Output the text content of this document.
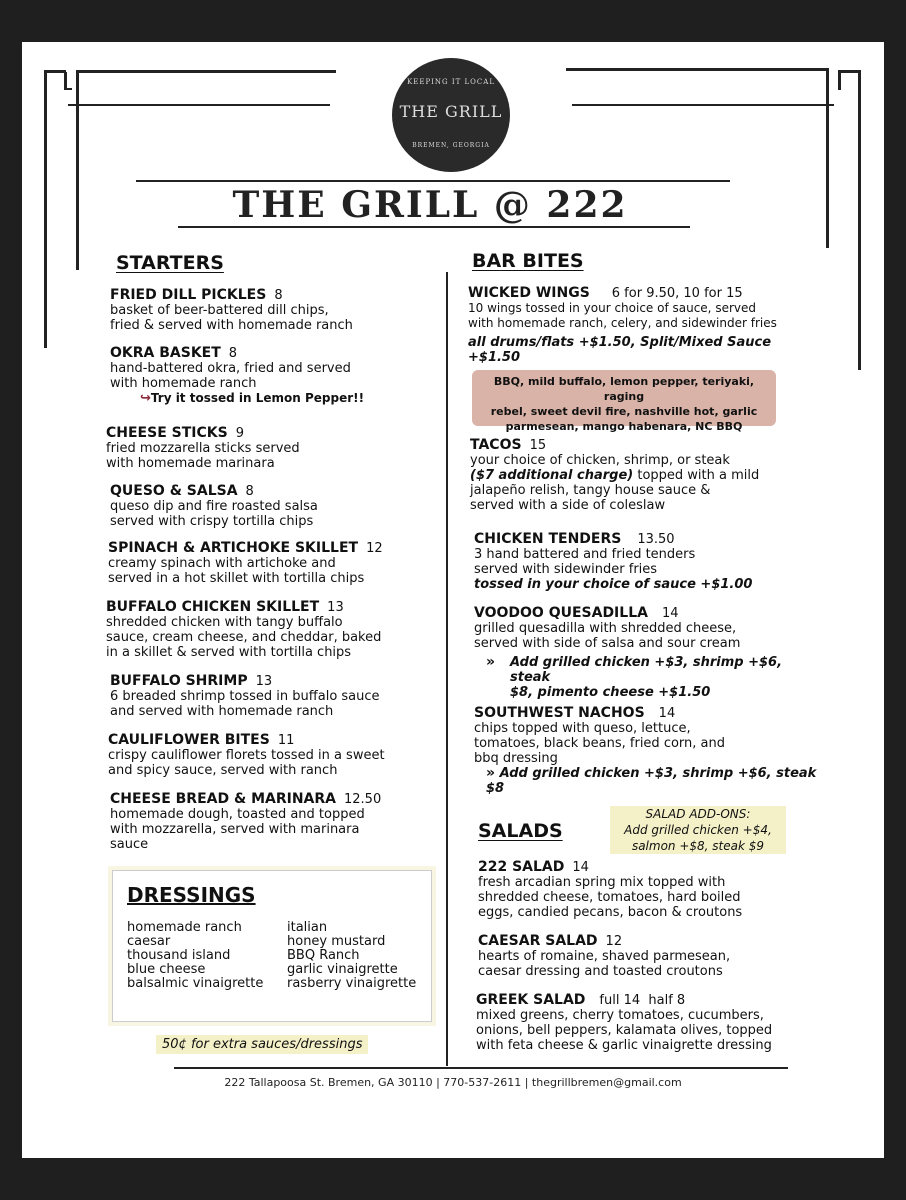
KEEPING IT LOCAL
THE GRILL
BREMEN, GEORGIA
THE GRILL @ 222
STARTERS
FRIED DILL PICKLES 8
basket of beer-battered dill chips,
fried & served with homemade ranch
OKRA BASKET 8
hand-battered okra, fried and served
with homemade ranch
↪Try it tossed in Lemon Pepper!!
CHEESE STICKS 9
fried mozzarella sticks served
with homemade marinara
QUESO & SALSA 8
queso dip and fire roasted salsa
served with crispy tortilla chips
SPINACH & ARTICHOKE SKILLET 12
creamy spinach with artichoke and
served in a hot skillet with tortilla chips
BUFFALO CHICKEN SKILLET 13
shredded chicken with tangy buffalo
sauce, cream cheese, and cheddar, baked
in a skillet & served with tortilla chips
BUFFALO SHRIMP 13
6 breaded shrimp tossed in buffalo sauce
and served with homemade ranch
CAULIFLOWER BITES 11
crispy cauliflower florets tossed in a sweet
and spicy sauce, served with ranch
CHEESE BREAD & MARINARA 12.50
homemade dough, toasted and topped
with mozzarella, served with marinara
sauce
DRESSINGS
homemade ranch
caesar
thousand island
blue cheese
balsalmic vinaigrette
italian
honey mustard
BBQ Ranch
garlic vinaigrette
rasberry vinaigrette
50¢ for extra sauces/dressings
BAR BITES
WICKED WINGS 6 for 9.50, 10 for 15
10 wings tossed in your choice of sauce, served
with homemade ranch, celery, and sidewinder fries
all drums/flats +$1.50, Split/Mixed Sauce +$1.50
BBQ, mild buffalo, lemon pepper, teriyaki, raging
rebel, sweet devil fire, nashville hot, garlic
parmesean, mango habenara, NC BBQ
TACOS 15
your choice of chicken, shrimp, or steak
($7 additional charge) topped with a mild
jalapeño relish, tangy house sauce &
served with a side of coleslaw
CHICKEN TENDERS 13.50
3 hand battered and fried tenders
served with sidewinder fries
tossed in your choice of sauce +$1.00
VOODOO QUESADILLA 14
grilled quesadilla with shredded cheese,
served with side of salsa and sour cream
» Add grilled chicken +$3, shrimp +$6, steak
$8, pimento cheese +$1.50
SOUTHWEST NACHOS 14
chips topped with queso, lettuce,
tomatoes, black beans, fried corn, and
bbq dressing
» Add grilled chicken +$3, shrimp +$6, steak $8
SALADS
SALAD ADD-ONS:
Add grilled chicken +$4,
salmon +$8, steak $9
222 SALAD 14
fresh arcadian spring mix topped with
shredded cheese, tomatoes, hard boiled
eggs, candied pecans, bacon & croutons
CAESAR SALAD 12
hearts of romaine, shaved parmesean,
caesar dressing and toasted croutons
GREEK SALAD full 14  half 8
mixed greens, cherry tomatoes, cucumbers,
onions, bell peppers, kalamata olives, topped
with feta cheese & garlic vinaigrette dressing
222 Tallapoosa St. Bremen, GA 30110 | 770-537-2611 | thegrillbremen@gmail.com
